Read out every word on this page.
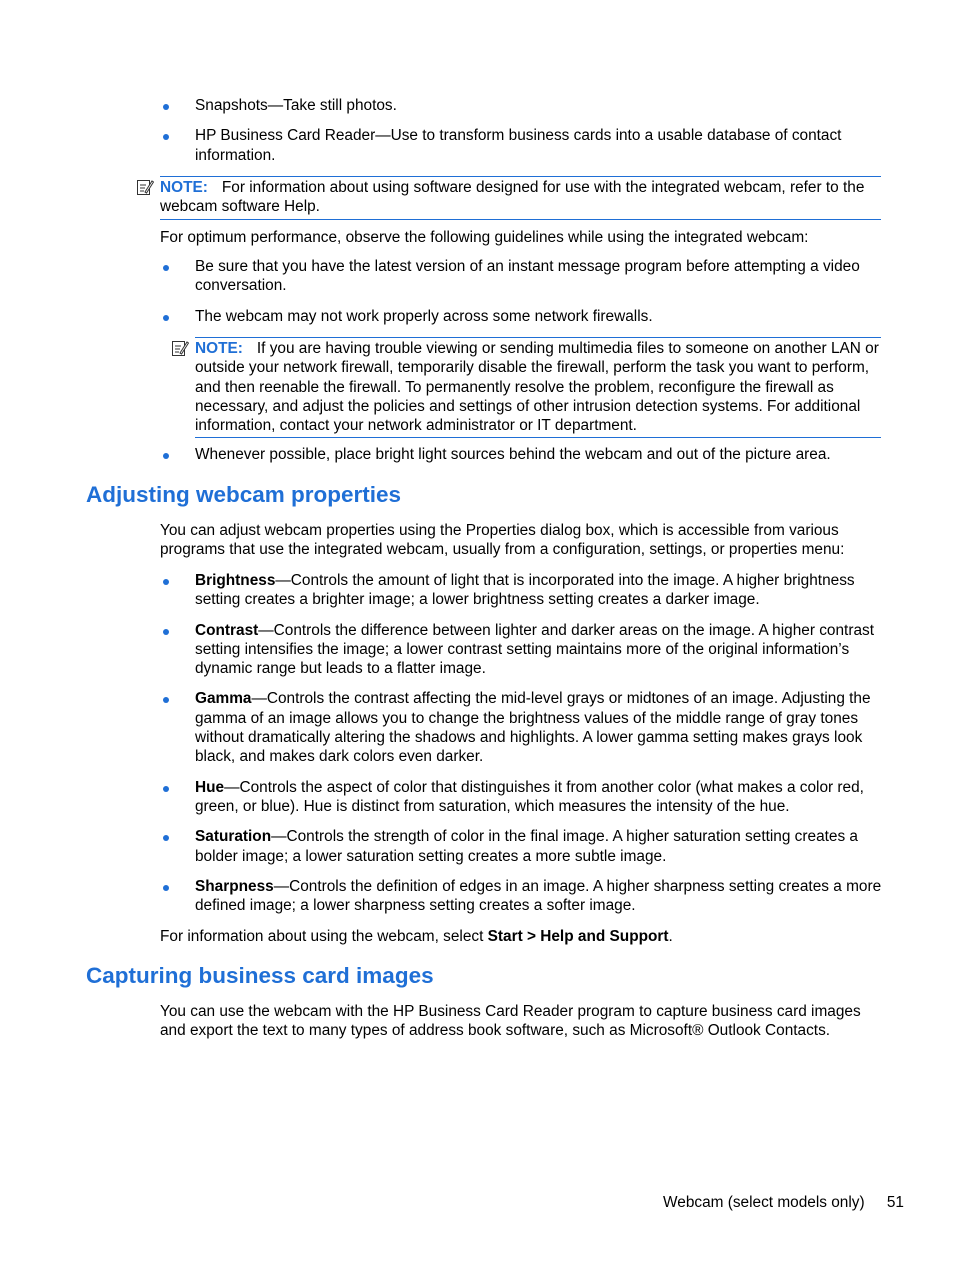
Snapshots—Take still photos.
HP Business Card Reader—Use to transform business cards into a usable database of contact information.
NOTE: For information about using software designed for use with the integrated webcam, refer to the webcam software Help.
For optimum performance, observe the following guidelines while using the integrated webcam:
Be sure that you have the latest version of an instant message program before attempting a video conversation.
The webcam may not work properly across some network firewalls.
NOTE: If you are having trouble viewing or sending multimedia files to someone on another LAN or outside your network firewall, temporarily disable the firewall, perform the task you want to perform, and then reenable the firewall. To permanently resolve the problem, reconfigure the firewall as necessary, and adjust the policies and settings of other intrusion detection systems. For additional information, contact your network administrator or IT department.
Whenever possible, place bright light sources behind the webcam and out of the picture area.
Adjusting webcam properties
You can adjust webcam properties using the Properties dialog box, which is accessible from various programs that use the integrated webcam, usually from a configuration, settings, or properties menu:
Brightness—Controls the amount of light that is incorporated into the image. A higher brightness setting creates a brighter image; a lower brightness setting creates a darker image.
Contrast—Controls the difference between lighter and darker areas on the image. A higher contrast setting intensifies the image; a lower contrast setting maintains more of the original information’s dynamic range but leads to a flatter image.
Gamma—Controls the contrast affecting the mid-level grays or midtones of an image. Adjusting the gamma of an image allows you to change the brightness values of the middle range of gray tones without dramatically altering the shadows and highlights. A lower gamma setting makes grays look black, and makes dark colors even darker.
Hue—Controls the aspect of color that distinguishes it from another color (what makes a color red, green, or blue). Hue is distinct from saturation, which measures the intensity of the hue.
Saturation—Controls the strength of color in the final image. A higher saturation setting creates a bolder image; a lower saturation setting creates a more subtle image.
Sharpness—Controls the definition of edges in an image. A higher sharpness setting creates a more defined image; a lower sharpness setting creates a softer image.
For information about using the webcam, select Start > Help and Support.
Capturing business card images
You can use the webcam with the HP Business Card Reader program to capture business card images and export the text to many types of address book software, such as Microsoft® Outlook Contacts.
Webcam (select models only) 51
